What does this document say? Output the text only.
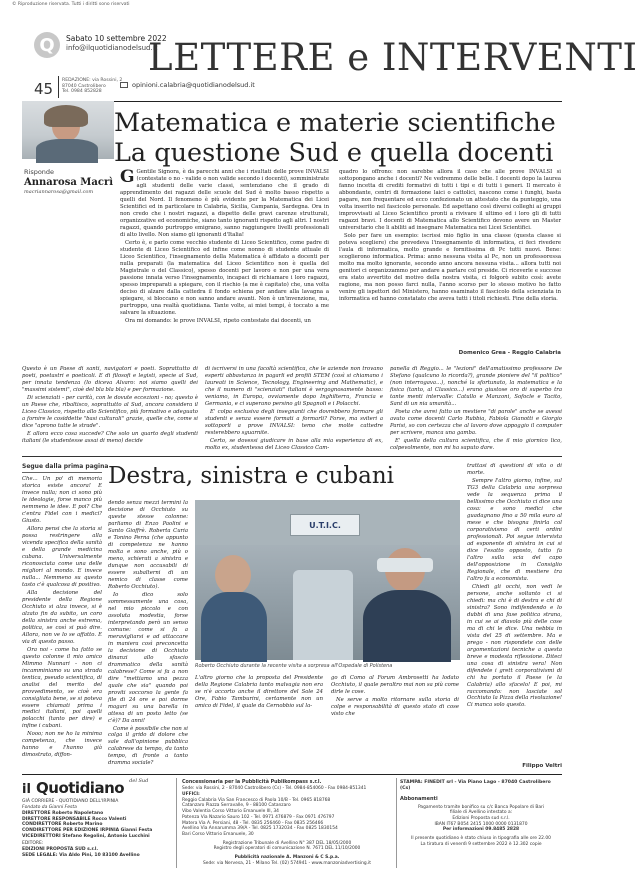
© Riproduzione riservata. Tutti i diritti sono riservati
Q Sabato 10 settembre 2022
info@ilquotidianodelsud.it
LETTERE e INTERVENTI
45 REDAZIONE: via Rossini, 2
87040 Castrolibero
Tel. 0984 852828
opinioni.calabria@quotidianodelsud.it
Matematica e materie scientifiche
La questione Sud e quella docenti
Risponde
Annarosa Macrì
macriannarosa@gmail.com

G Gentile Signora, è da parecchi anni che i risultati delle prove INVALSI (contestate o no - valide o non valide secondo i docenti), somministrate agli studenti delle varie classi, sentenziano che il grado di apprendimento dei ragazzi delle scuole del Sud è molto basso rispetto a quelli del Nord. Il fenomeno è più evidente per la Matematica dei Licei Scientifici ed in particolare in Calabria, Sicilia, Campania, Sardegna. Ora in non credo che i nostri ragazzi, a dispetto delle gravi carenze strutturali, organizzative ed economiche, siano tanto ignoranti rispetto agli altri. I nostri ragazzi, quando purtroppo emigrano, sanno raggiungere livelli professionali di alto livello. Non siamo gli ignoranti d'Italia!

Certo è, e parlo come vecchio studente di Liceo Scientifico, come padre di studente di Liceo Scientifico ed infine come nonno di studente attuale di Liceo Scientifico, l'insegnamento della Matematica è affidato a docenti per nulla preparati (la matematica del Liceo Scientifico non è quella del Magistrale o del Classico), spesso docenti per lavoro e non per una vera passione innata verso l'insegnamento, incapaci di richiamare i loro ragazzi, spesso impreparati a spiegare, con il rischio (a me è capitato) che, una volta deciso di alzare dalla cattedra il fondo schiena per andare alla lavagna a spiegare, si bloccano e non sanno andare avanti. Non è un'invenzione, ma, purtroppo, una realtà quotidiana. Tante volte, ai miei tempi, è toccato a me salvare la situazione.

Ora mi domando: le prove INVALSI, ripeto contestate dai docenti, un

quadro lo offrono: non sarebbe allora il caso che alle prove INVALSI si sottopongano anche i docenti? Ne vedremmo delle belle. I docenti dopo la laurea fanno incetta di crediti formativi di tutti i tipi e di tutti i generi. Il mercato è abbondante, centri di formazione laici o cattolici, nascono come i funghi, basta pagare, non frequentare ed ecco confezionato un attestato che da punteggio, una volta inserito nel fascicolo personale. Ed aspettano così diversi colleghi ai gruppi improvvisati al Liceo Scientifico pronti a rivivare il ultimo ed i loro gli di tutti ragazzi bravi. I docenti di Matematica allo Scientifico devono avere un Master universitario che li abiliti ad insegnare Matematica nei Licei Scientifici.

Solo per fare un esempio: iscrissi mio figlio in una classe (questa classe si poteva scegliere) che prevedeva l'insegnamento di informatica, ci feci rivedere l'aula di informatica, molto grande e fornitissima di Pc tutti nuovi. Bene: scoglierono informatica. Prima: anno nessuna visita al Pc, non un professoressa molto ma molto ignorante, secondo anno ancora nessuna visita... allora tutti noi genitori ci organizzammo per andare a parlare col preside. Ci riceverle e succose era stato avvertito del motivo della nostra visita, ci folgorò subito così: avete ragione, ma non posso farci nulla, l'anno scorso per lo stesso motivo ho fatto venire gli ispettori del Ministero, hanno esaminato il fascicolo della scienziata in informatica ed hanno constatato che aveva tutti i titoli richiesti. Fine della storia.

Domenico Grea - Reggio Calabria

Questo è un Paese di santi, navigatori e poeti. Soprattutto di poeti, poetastri e poeticoli. E di filosofi e legisti, specie al Sud, per innata tendenza (lo diceva Alvaro: noi siamo quelli dei "massimi sistemi", cioè del bla bla bla) e per formazione.

Di scienziati - per carità, con le dovute eccezioni - no; questo è un Paese che, ribaltisco, soprattutto al Sud, ancora considera il Liceo Classico, rispetto allo Scientifico, più formativo e adeguato a fornire le cosiddette "basi culturali" grazie, quelle che, come si dice "aprono tutte le strade".

E allora ecco cosa succede? Che solo un quarto degli studenti italiani (le studentesse assai di meno) decide

di iscriversi in una facoltà scientifica, che le aziende non trovano esperti abbastanza in pagarli ed profili STEM (così si chiamano i laureati in Science, Tecnology, Engineering and Mathematic), e che il numero di "scienziati" italiani è vergognosamente basso: veniamo, in Europa, ovviamente dopo Inghilterra, Francia e Germania, e ci superano persino gli Spagnoli e i Polacchi.

E' colpa esclusiva degli insegnanti che dovrebbero formare gli studenti e senza essere formati a formarli? Forse, ma sviteri a sottoporli a prove INVALSI: temo che molte cattedre resterebbero sguarnite.

Certo, se dovessi giudicare in base alla mia esperienza di ex, molto ex, studentessa del Liceo Classico Cam-

panella di Reggio... le "lezioni" dell'amatissimo professore De Stefano (qualcuno lo ricorda?), grande pioniere del "il politico" (non interrogava...), nonché la sfortunato, la matematica e la fisica (tanto, al Classico...) erano giustose oro di superbo tra tante menti intervalle: Catullo e Manzoni, Sofocle e Tacito, Sant di un nia umanità...

Poeta che avrei fatto un mestiere "di parole" anche se avessi avuto come docenti Carlo Rubbia, Fabiola Gianotti e Giorgio Parisi, so con certezza che al lavoro dove appoggio il computer per scrivere, manca una gamba.

E' quella della cultura scientifica, che il mio giornico lico, colpevolmente, non mi ha saputo dare.

Segue dalla prima pagina

Che... Un po' di memoria storica esiste ancora! E invece nulla; non ci sono più le ideologie, forse manco più nemmeno le idee. E poi? Che c'entra Fidel con i medici? Giusto.

Allora pensi che la storia si possa restringere alla vicenda specifica della sanità e della grande medicina cubana. Universalmente riconosciuta come una delle migliori al mondo. E invece nulla... Nemmeno su questo tasto c'è qualcosa di positivo.

Alla decisione del presidente della Regione Occhiuto si alza invece, si è alzato fin da subito, un coro della sinistra anche estrema, politica, se così si può dire. Allora, non ve lo se affatto. E via di questo passo.

Ora noi - come ha fatto se questo colonne il mio amico Mimmo Nunnari - non ci incamminiamo su una strada tentica, pseudo scientifica, di analisi del merito del provvedimento, se cioè era consigliata bene, se si poteva essere chiamati prima i medici italiani, poi quelli polacchi (tanto per dire) e infine i cubani.

Nooo; non ne ho la minima competenza, che invece hanno e l'hanno già dimostrato, diffon-

Destra, sinistra e cubani

dendo senza mezzi termini la decisione di Occhiuto su queste stesse colonne: parliamo di Enzo Paolini e Santo Gioffrè. Roberta Curia e Tonino Perna (che appunto di competenza ne hanno molta e sono anche, più o meno, schierati a sinistra e dunque non accusabili di essere subalterni di un nemico di classe come Roberto Occhiuto).

Io dico solo sommessamente una cosa, nel mio piccolo e con assoluta modestia, forse interpretando però un senso comune: come si fa a meravigliarsi e ad attaccare in maniera così preconcetta la decisione di Occhiuto dinanzi allo sfascio drammatico della sanità calabrese? Come si fa a non dire "mettiamo una pezza quale che sia" quando poi proviti soccorso la gente fa file di 24 ore e poi dorme magari su una barella in attesa di un posto letto (se c'è)? Da anni!

Come è possibile che non si colga il grido di dolore che sale dall'opinione pubblica calabrese da tempo, da tanto tempo, di fronte a tanto dramma sociale?

U.T.I.C.
Roberto Occhiuto durante la recente visita a sorpresa all'Ospedale di Polistena

L'altro giorno che la proposta del Presidente della Regione Calabria tanto malvagia non era se n'è accorto anche il direttore del Sole 24 Ore, Fabio Tamburini, certamente non un amico di Fidel, il quale da Cernobbio sul la-

go di Como al Forum Ambrosetti ha lodato Occhiuto, il quale peraltro mai non sa più come dirle le cose.

Ne serve a molto ritornare sulla storia di colpe e responsabilità di questo stato di cose visto che

trattasi di questioni di vita o di morte.

Sempre l'altro giorno, infine, sul TG3 della Calabria una sorpresa vede la sequenza prima il bellissimo che Occhiuto ci dice una cosa: e sono medici che guadagnano fino a 50 mila euro al mese e che bisogna finirla col corporativismo di certi ordini professionali. Poi segue intervista ad esponente di sinistra in cui si dice l'esatto opposto, tutto fa l'altro sulla scia del capo dell'opposizione in Consiglio Regionale, che di mestiere tra l'altro fa a economista.

Chiedi gli occhi, non vedi le persone, anche soltanto ci si chiedi: ma chi è di destra e chi di sinistra? Sono indifendendo e lo dubbi di una fase politica strana, in cui se ai diavolo più delle cose ma di chi le dice. Una nebbia in vista del 25 di settembre. Ma e prego - non rispondete con delle argomentazioni tecniche a questa breve e modesta riflessione. Diteci una cosa di sinistra vera! Non difendete i grett corporativismi di chi ha portato il Paese (e la Calabria) allo sfacelo! E poi, mi raccomando: non lasciate sol Occhiuto la Pizza della rivoluzione! Ci manca solo questo.

Filippo Veltri
il Quotidiano $^{del Sud}$
GIÀ CORRIERE - QUOTIDIANO DELL'IRPINIA
Fondato da Gianni Festa
DIRETTORE Roberto Napoletano
DIRETTORE RESPONSABILE Rocco Valenti
CONDIRETTORE Roberto Marino
CONDIRETTORE PER EDIZIONE IRPINIA Gianni Festa
VICEDIRETTORI Stefano Regolini, Antonio Lucchini
EDITORE:
EDIZIONI PROPOSTA SUD s.r.l.
SEDE LEGALE: Via Aldo Pini, 10 83100 Avellino
Concessionaria per la Pubblicità Publikompass s.r.l.
Sede: via Rossini, 2 - 87040 Castrolibero (Cs) - Tel. 0984-854060 - Fax 0984-851341
UFFICI:
Reggio Calabria Via San Francesco di Paola 10/B - Tel. 0965 818768
Catanzaro Piazza Serravalle, 9 - 88100 Catanzaro
Vibo Valentia Corso Vittorio Emanuele III, 34
Potenza Via Nazario Sauro 102 - Tel. 0971 476879 - Fax 0971 476797
Matera Via A. Persiani, 48 - Tel. 0835 256460 - Fax 0835 256466
Avellino Via Annarumma 39/A - Tel. 0825 1732034 - Fax 0825 1830154
Bari Corso Vittorio Emanuele, 30
Registrazione Tribunale di Avellino N° 387 DEL 18/05/2000
Registro degli operatori di comunicazione N. 7671 DEL 11/10/2000
Pubblicità nazionale A. Manzoni & C S.p.a.
Sede: via Nervesa, 21 - Milano Tel. (02) 574941 - www.manzoniadvertising.it
STAMPA: FINEDIT srl - Via Piano Lago - 87040 Castrolibero (Cs)
Abbonamenti
Pagamento tramite bonifico su c/c Banca Popolare di Bari
filiale di Avellino intestato a:
Edizioni Proposta sud s.r.l.
IBAN IT67 B054 2415 1000 0000 0131870
Per informazioni 09.8485 2828
Il presente quotidiano è stato chiuso in tipografia alle ore 22.00
La tiratura di venerdì 9 settembre 2022 è 12.302 copie
